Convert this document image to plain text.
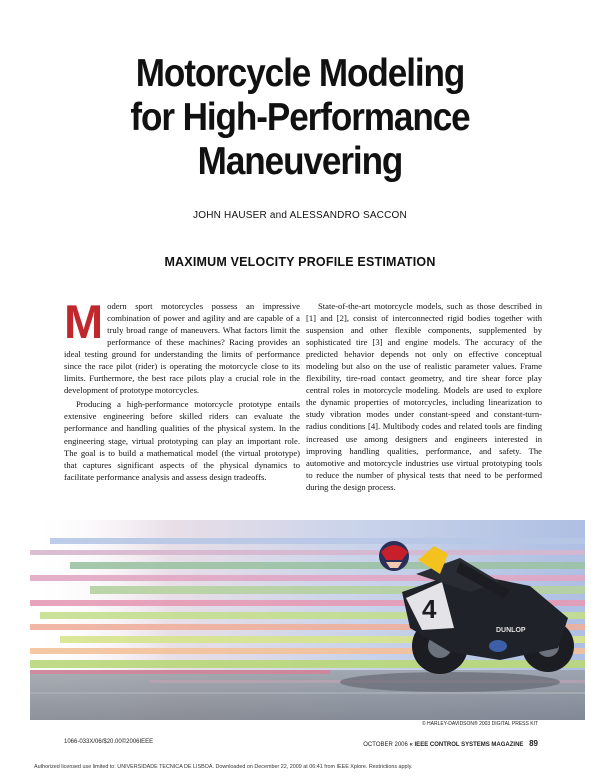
Motorcycle Modeling
for High-Performance
Maneuvering
JOHN HAUSER and ALESSANDRO SACCON
MAXIMUM VELOCITY PROFILE ESTIMATION

Modern sport motorcycles possess an impressive combination of power and agility and are capable of a truly broad range of maneuvers. What factors limit the performance of these machines? Racing provides an ideal testing ground for understanding the limits of performance since the race pilot (rider) is operating the motorcycle close to its limits. Furthermore, the best race pilots play a crucial role in the development of prototype motorcycles.

Producing a high-performance motorcycle prototype entails extensive engineering before skilled riders can evaluate the performance and handling qualities of the physical system. In the engineering stage, virtual prototyping can play an important role. The goal is to build a mathematical model (the virtual prototype) that captures significant aspects of the physical dynamics to facilitate performance analysis and assess design tradeoffs.

State-of-the-art motorcycle models, such as those described in [1] and [2], consist of interconnected rigid bodies together with suspension and other flexible components, supplemented by sophisticated tire [3] and engine models. The accuracy of the predicted behavior depends not only on effective conceptual modeling but also on the use of realistic parameter values. Frame flexibility, tire-road contact geometry, and tire shear force play central roles in motorcycle modeling. Models are used to explore the dynamic properties of motorcycles, including linearization to study vibration modes under constant-speed and constant-turn-radius conditions [4]. Multibody codes and related tools are finding increased use among designers and engineers interested in improving handling qualities, performance, and safety. The automotive and motorcycle industries use virtual prototyping tools to reduce the number of physical tests that need to be performed during the design process.

4
DUNLOP
© HARLEY-DAVIDSON® 2003 DIGITAL PRESS KIT
1066-033X/06/$20.00©2006IEEE	OCTOBER 2006 « IEEE CONTROL SYSTEMS MAGAZINE 89
Authorized licensed use limited to: UNIVERSIDADE TECNICA DE LISBOA. Downloaded on December 22, 2009 at 06:41 from IEEE Xplore. Restrictions apply.
